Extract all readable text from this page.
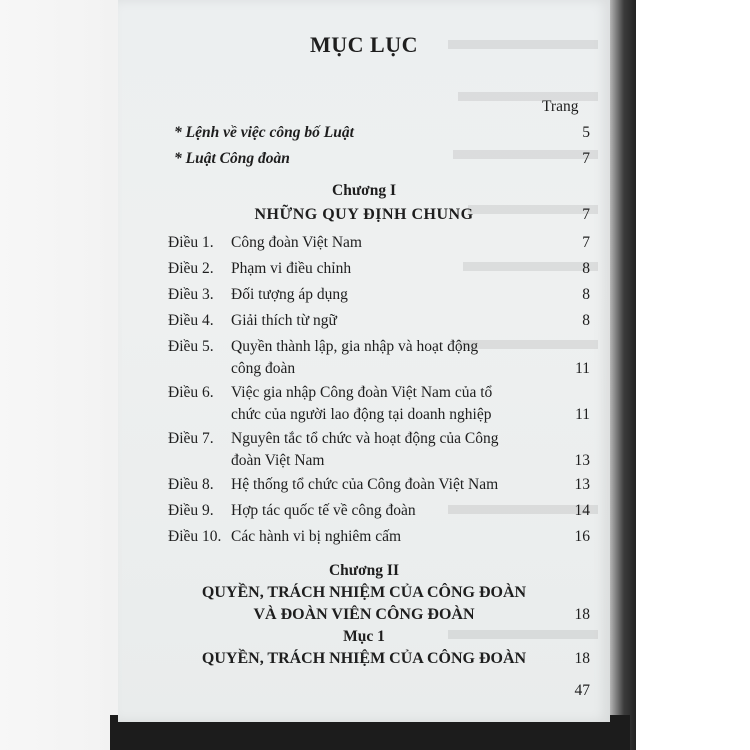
MỤC LỤC
Trang
* Lệnh về việc công bố Luật	5
* Luật Công đoàn	7
Chương I
NHỮNG QUY ĐỊNH CHUNG	7
Điều 1. Công đoàn Việt Nam	7
Điều 2. Phạm vi điều chỉnh	8
Điều 3. Đối tượng áp dụng	8
Điều 4. Giải thích từ ngữ	8
Điều 5. Quyền thành lập, gia nhập và hoạt động
công đoàn	11
Điều 6. Việc gia nhập Công đoàn Việt Nam của tổ
chức của người lao động tại doanh nghiệp	11
Điều 7. Nguyên tắc tổ chức và hoạt động của Công
đoàn Việt Nam	13
Điều 8. Hệ thống tổ chức của Công đoàn Việt Nam	13
Điều 9. Hợp tác quốc tế về công đoàn	14
Điều 10. Các hành vi bị nghiêm cấm	16
Chương II
QUYỀN, TRÁCH NHIỆM CỦA CÔNG ĐOÀN
VÀ ĐOÀN VIÊN CÔNG ĐOÀN	18
Mục 1
QUYỀN, TRÁCH NHIỆM CỦA CÔNG ĐOÀN	18
47
